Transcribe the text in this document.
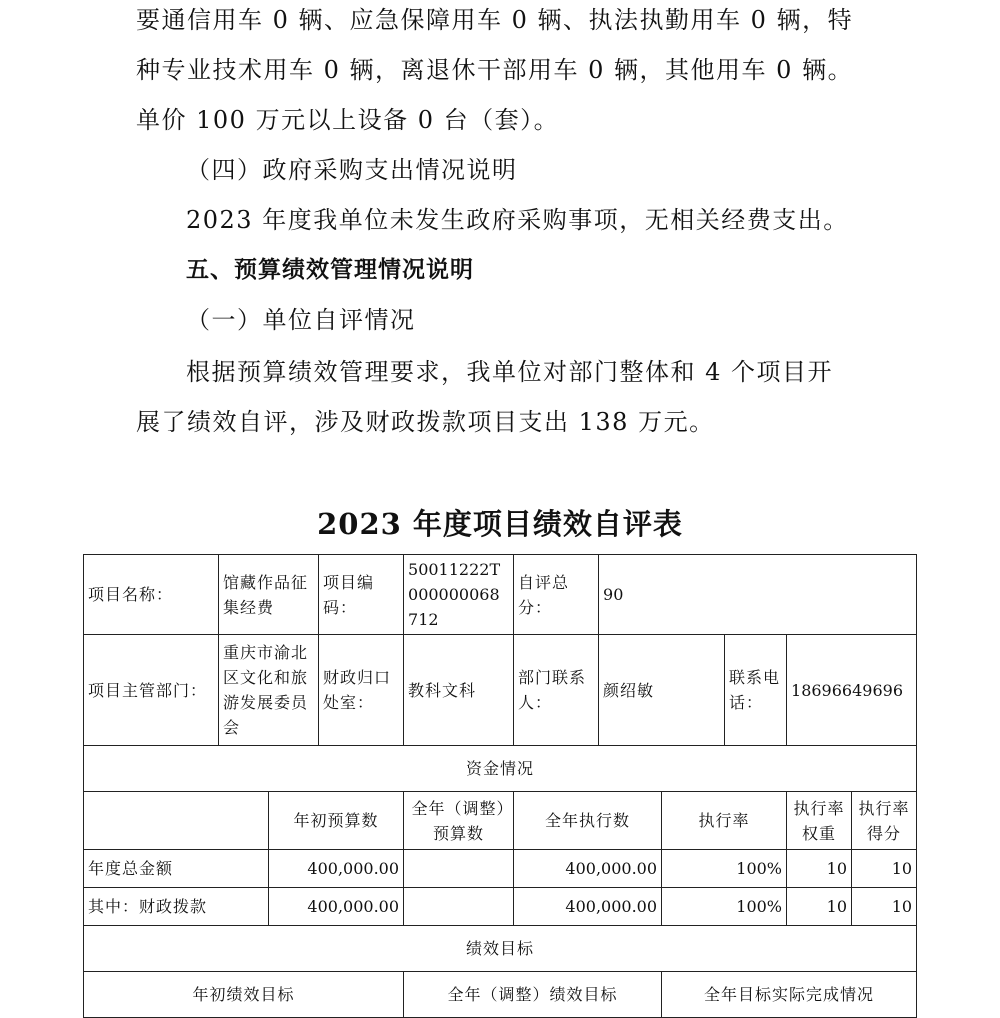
要通信用车 0 辆、应急保障用车 0 辆、执法执勤用车 0 辆，特
种专业技术用车 0 辆，离退休干部用车 0 辆，其他用车 0 辆。
单价 100 万元以上设备 0 台（套）。
（四）政府采购支出情况说明
2023 年度我单位未发生政府采购事项，无相关经费支出。
五、预算绩效管理情况说明
（一）单位自评情况
根据预算绩效管理要求，我单位对部门整体和 4 个项目开
展了绩效自评，涉及财政拨款项目支出 138 万元。
2023 年度项目绩效自评表
项目名称：	馆藏作品征集经费		项目编码：	50011222T000000068712	自评总分：	90				
项目主管部门：	重庆市渝北区文化和旅游发展委员会		财政归口处室：	教科文科	部门联系人：	颜绍敏		联系电话：	18696649696	
资金情况										
		年初预算数		全年（调整）预算数	全年执行数		执行率		执行率权重	执行率得分
年度总金额		400,000.00			400,000.00		100%		10	10
其中：财政拨款		400,000.00			400,000.00		100%		10	10
绩效目标										
年初绩效目标				全年（调整）绩效目标			全年目标实际完成情况			
